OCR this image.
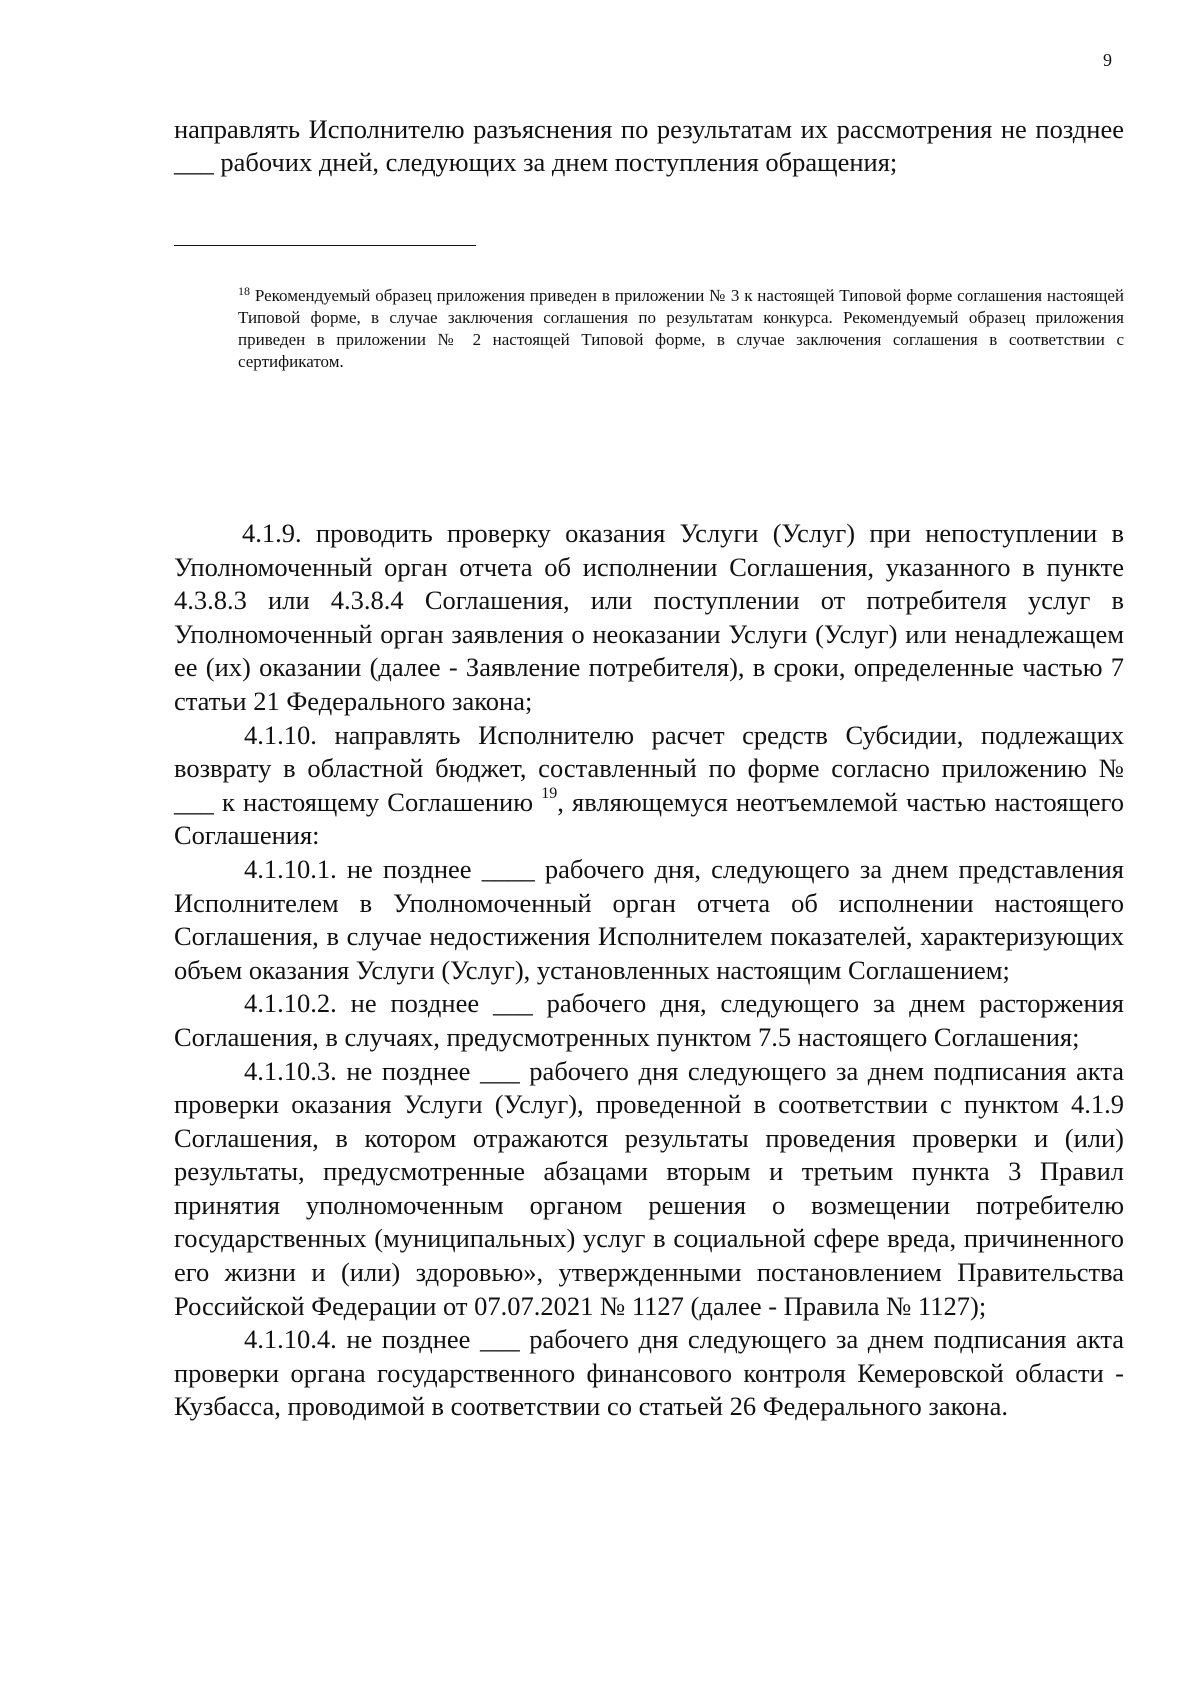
9
направлять Исполнителю разъяснения по результатам их рассмотрения не позднее ___ рабочих дней, следующих за днем поступления обращения;
$^{18}$ Рекомендуемый образец приложения приведен в приложении № 3 к настоящей Типовой форме соглашения настоящей Типовой форме, в случае заключения соглашения по результатам конкурса. Рекомендуемый образец приложения приведен в приложении № 2 настоящей Типовой форме, в случае заключения соглашения в соответствии с сертификатом.

4.1.9. проводить проверку оказания Услуги (Услуг) при непоступлении в Уполномоченный орган отчета об исполнении Соглашения, указанного в пункте 4.3.8.3 или 4.3.8.4 Соглашения, или поступлении от потребителя услуг в Уполномоченный орган заявления о неоказании Услуги (Услуг) или ненадлежащем ее (их) оказании (далее - Заявление потребителя), в сроки, определенные частью 7 статьи 21 Федерального закона;

4.1.10. направлять Исполнителю расчет средств Субсидии, подлежащих возврату в областной бюджет, составленный по форме согласно приложению № ___ к настоящему Соглашению $^{19}$, являющемуся неотъемлемой частью настоящего Соглашения:

4.1.10.1. не позднее ____ рабочего дня, следующего за днем представления Исполнителем в Уполномоченный орган отчета об исполнении настоящего Соглашения, в случае недостижения Исполнителем показателей, характеризующих объем оказания Услуги (Услуг), установленных настоящим Соглашением;

4.1.10.2. не позднее ___ рабочего дня, следующего за днем расторжения Соглашения, в случаях, предусмотренных пунктом 7.5 настоящего Соглашения;

4.1.10.3. не позднее ___ рабочего дня следующего за днем подписания акта проверки оказания Услуги (Услуг), проведенной в соответствии с пунктом 4.1.9 Соглашения, в котором отражаются результаты проведения проверки и (или) результаты, предусмотренные абзацами вторым и третьим пункта 3 Правил принятия уполномоченным органом решения о возмещении потребителю государственных (муниципальных) услуг в социальной сфере вреда, причиненного его жизни и (или) здоровью», утвержденными постановлением Правительства Российской Федерации от 07.07.2021 № 1127 (далее - Правила № 1127);

4.1.10.4. не позднее ___ рабочего дня следующего за днем подписания акта проверки органа государственного финансового контроля Кемеровской области - Кузбасса, проводимой в соответствии со статьей 26 Федерального закона.
